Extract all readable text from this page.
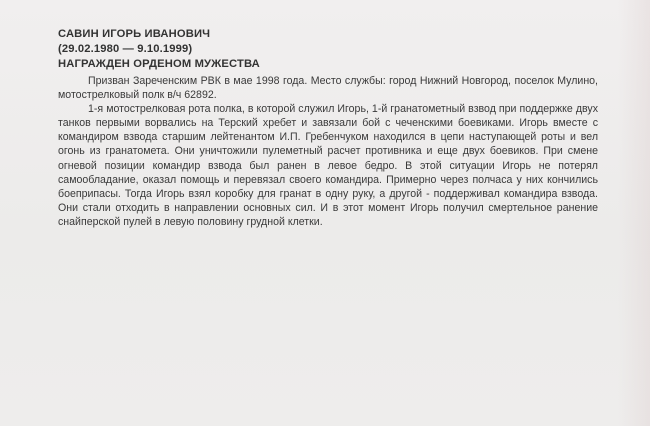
САВИН ИГОРЬ ИВАНОВИЧ
(29.02.1980 — 9.10.1999)
НАГРАЖДЕН ОРДЕНОМ МУЖЕСТВА

Призван Зареченским РВК в мае 1998 года. Место службы: город Нижний Новгород, поселок Мулино, мотострелковый полк в/ч 62892.

1-я мотострелковая рота полка, в которой служил Игорь, 1-й гранатометный взвод при поддержке двух танков первыми ворвались на Терский хребет и завязали бой с чеченскими боевиками. Игорь вместе с командиром взвода старшим лейтенантом И.П. Гребенчуком находился в цепи наступающей роты и вел огонь из гранатомета. Они уничтожили пулеметный расчет противника и еще двух боевиков. При смене огневой позиции командир взвода был ранен в левое бедро. В этой ситуации Игорь не потерял самообладание, оказал помощь и перевязал своего командира. Примерно через полчаса у них кончились боеприпасы. Тогда Игорь взял коробку для гранат в одну руку, а другой - поддерживал командира взвода. Они стали отходить в направлении основных сил. И в этот момент Игорь получил смертельное ранение снайперской пулей в левую половину грудной клетки.
